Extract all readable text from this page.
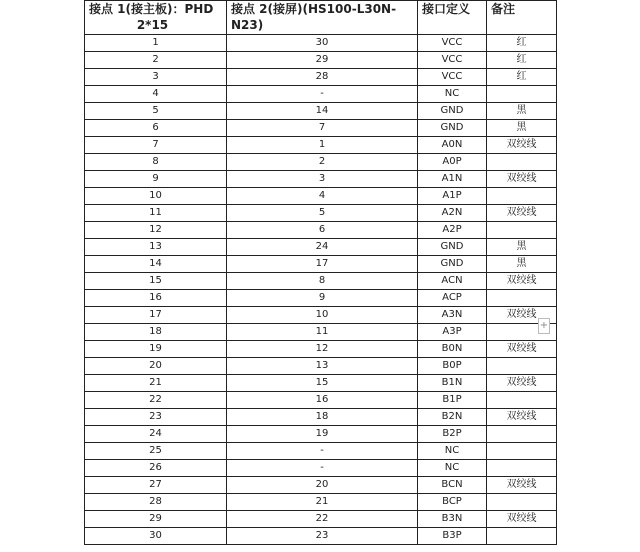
接点 1(接主板)：PHD
2*15	接点 2(接屏)(HS100-L30N-N23)	接口定义	备注
1	30	VCC	红
2	29	VCC	红
3	28	VCC	红
4	-	NC	
5	14	GND	黑
6	7	GND	黑
7	1	A0N	双绞线
8	2	A0P	
9	3	A1N	双绞线
10	4	A1P	
11	5	A2N	双绞线
12	6	A2P	
13	24	GND	黑
14	17	GND	黑
15	8	ACN	双绞线
16	9	ACP	
17	10	A3N	双绞线
18	11	A3P	
19	12	B0N	双绞线
20	13	B0P	
21	15	B1N	双绞线
22	16	B1P	
23	18	B2N	双绞线
24	19	B2P	
25	-	NC	
26	-	NC	
27	20	BCN	双绞线
28	21	BCP	
29	22	B3N	双绞线
30	23	B3P	
+
